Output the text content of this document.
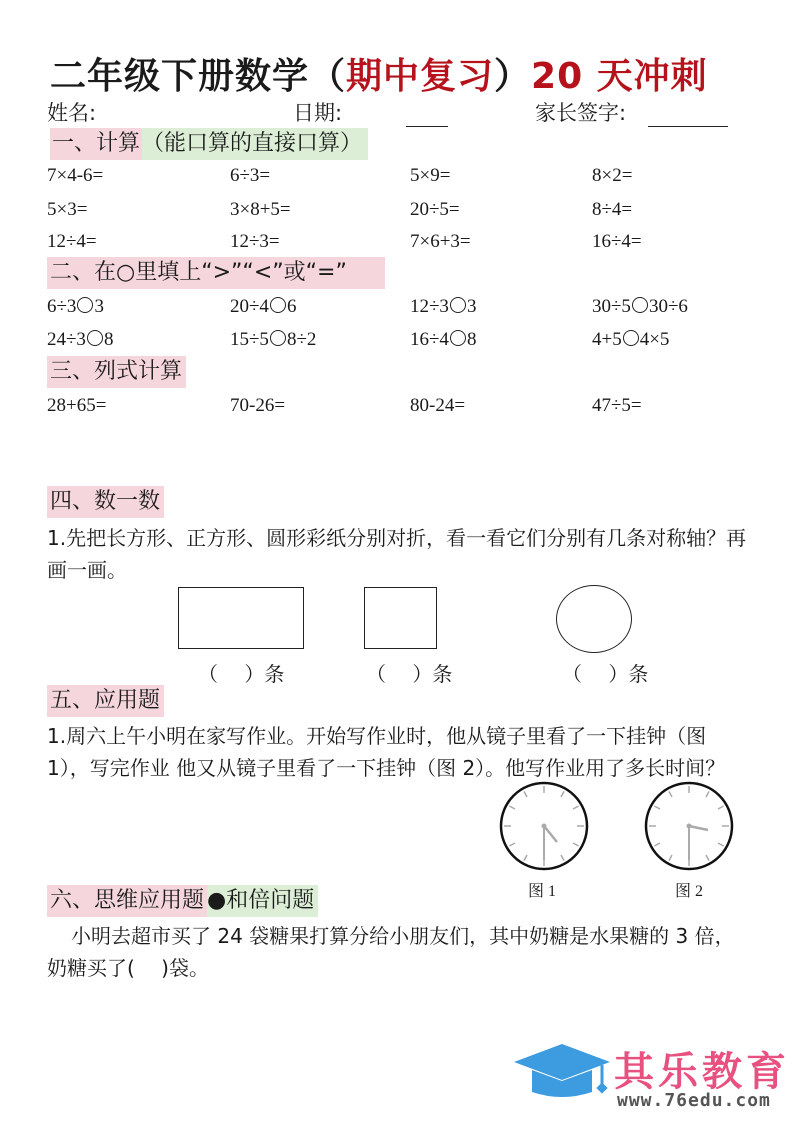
二年级下册数学（期中复习）20 天冲刺
姓名:	日期:	家长签字:
一、计算（能口算的直接口算）
7×4-6=	6÷3=	5×9=	8×2=
5×3=	3×8+5=	20÷5=	8÷4=
12÷4=	12÷3=	7×6+3=	16÷4=
二、在○里填上“>”“<”或“=”
6÷3 3	20÷4 6	12÷3 3	30÷5 30÷6
24÷3 8	15÷5 8÷2	16÷4 8	4+5 4×5
三、列式计算
28+65=	70-26=	80-24=	47÷5=
四、数一数
1.先把长方形、正方形、圆形彩纸分别对折，看一看它们分别有几条对称轴？再画一画。
（　 ）条	（　 ）条	（　 ）条
五、应用题
1.周六上午小明在家写作业。开始写作业时，他从镜子里看了一下挂钟（图 1），写完作业 他又从镜子里看了一下挂钟（图 2）。他写作业用了多长时间？
图 1	图 2
六、思维应用题 ●和倍问题
小明去超市买了 24 袋糖果打算分给小朋友们，其中奶糖是水果糖的 3 倍，奶糖买了(　 )袋。
其乐教育
www.76edu.com
